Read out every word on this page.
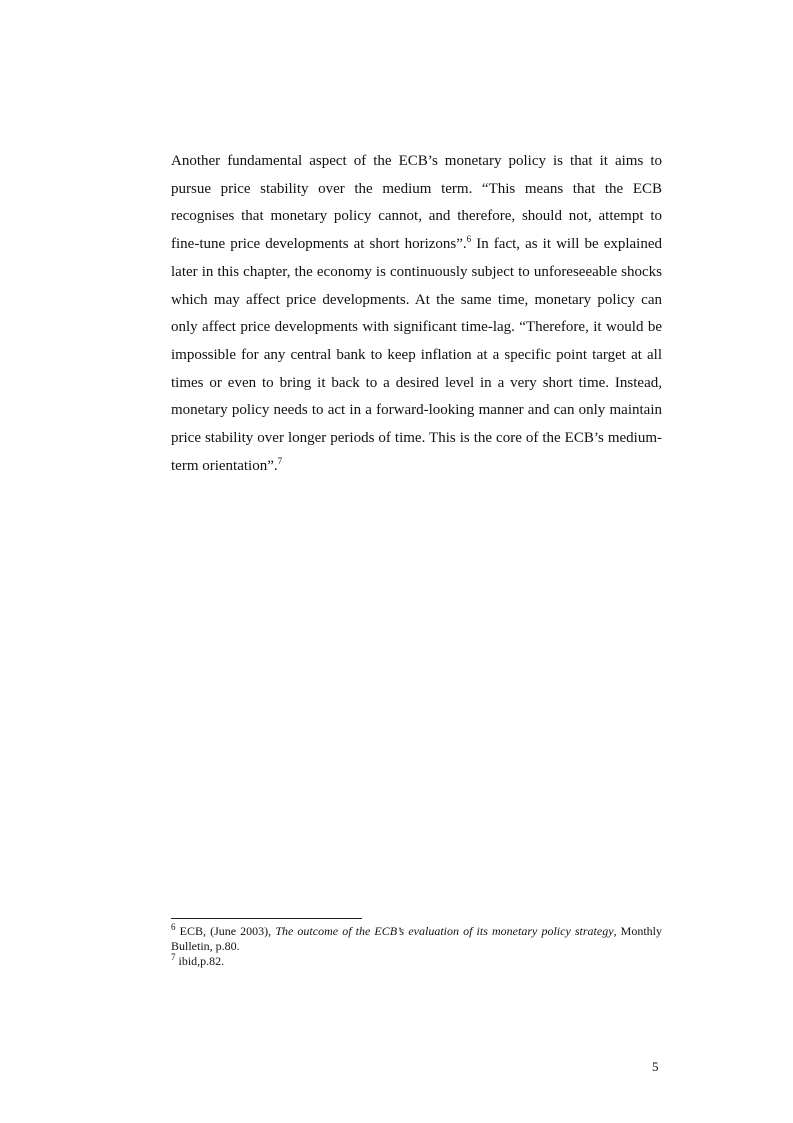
Another fundamental aspect of the ECB’s monetary policy is that it aims to pursue price stability over the medium term. “This means that the ECB recognises that monetary policy cannot, and therefore, should not, attempt to fine-tune price developments at short horizons”.$^6$ In fact, as it will be explained later in this chapter, the economy is continuously subject to unforeseeable shocks which may affect price developments. At the same time, monetary policy can only affect price developments with significant time-lag. “Therefore, it would be impossible for any central bank to keep inflation at a specific point target at all times or even to bring it back to a desired level in a very short time. Instead, monetary policy needs to act in a forward-looking manner and can only maintain price stability over longer periods of time. This is the core of the ECB’s medium-term orientation”.$^7$

$^6$ ECB, (June 2003), The outcome of the ECB’s evaluation of its monetary policy strategy, Monthly Bulletin, p.80.

$^7$ ibid,p.82.

5
